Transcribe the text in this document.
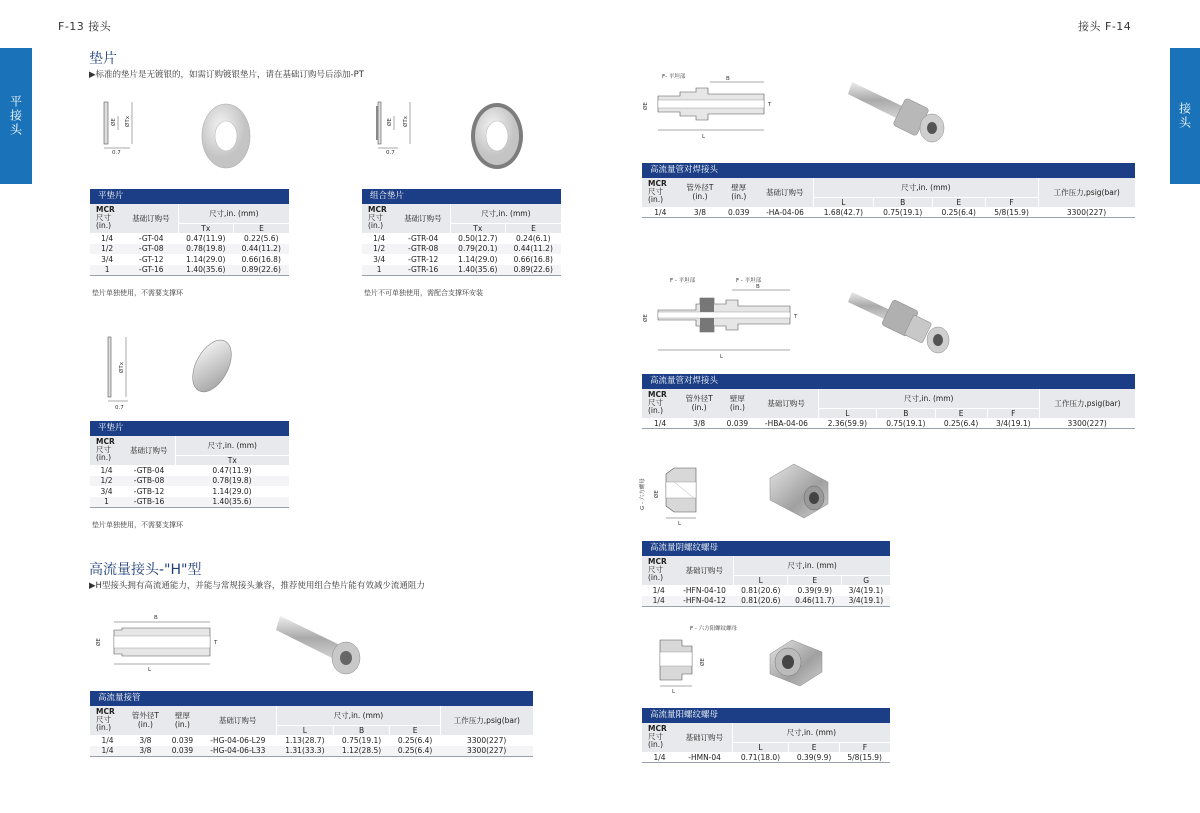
F-13 接头	接头 F-14
平接头	接头
垫片
▶标准的垫片是无镀银的，如需订购镀银垫片，请在基础订购号后添加-PT
ØE ØTx
0.7
ØE ØTx
0.7
平垫片			
MCR
尺寸
(in.)	基础订购号	尺寸,in. (mm)	
		Tx	E
1/4	-GT-04	0.47(11.9)	0.22(5.6)
1/2	-GT-08	0.78(19.8)	0.44(11.2)
3/4	-GT-12	1.14(29.0)	0.66(16.8)
1	-GT-16	1.40(35.6)	0.89(22.6)
垫片单独使用，不需要支撑环
组合垫片			
MCR
尺寸
(in.)	基础订购号	尺寸,in. (mm)	
		Tx	E
1/4	-GTR-04	0.50(12.7)	0.24(6.1)
1/2	-GTR-08	0.79(20.1)	0.44(11.2)
3/4	-GTR-12	1.14(29.0)	0.66(16.8)
1	-GTR-16	1.40(35.6)	0.89(22.6)
垫片不可单独使用，需配合支撑环安装
ØTx
0.7
平垫片		
MCR
尺寸
(in.)	基础订购号	尺寸,in. (mm)
		Tx
1/4	-GTB-04	0.47(11.9)
1/2	-GTB-08	0.78(19.8)
3/4	-GTB-12	1.14(29.0)
1	-GTB-16	1.40(35.6)
垫片单独使用，不需要支撑环
高流量接头-"H"型
▶H型接头拥有高流通能力，并能与常规接头兼容，推荐使用组合垫片能有效减少流通阻力
B
ØE	T
L
高流量接管							
MCR
尺寸
(in.)	管外径T
(in.)	壁厚
(in.)	基础订购号	尺寸,in. (mm)			工作压力,psig(bar)
				L	B	E	
1/4	3/8	0.039	-HG-04-06-L29	1.13(28.7)	0.75(19.1)	0.25(6.4)	3300(227)
1/4	3/8	0.039	-HG-04-06-L33	1.31(33.3)	1.12(28.5)	0.25(6.4)	3300(227)
F- 平坦部	B
ØE	T
L
高流量管对焊接头								
MCR
尺寸
(in.)	管外径T
(in.)	壁厚
(in.)	基础订购号	尺寸,in. (mm)				工作压力,psig(bar)
				L	B	E	F	
1/4	3/8	0.039	-HA-04-06	1.68(42.7)	0.75(19.1)	0.25(6.4)	5/8(15.9)	3300(227)
F - 平坦部	F - 平坦部
B
ØE	T
L
高流量管对焊接头								
MCR
尺寸
(in.)	管外径T
(in.)	壁厚
(in.)	基础订购号	尺寸,in. (mm)				工作压力,psig(bar)
				L	B	E	F	
1/4	3/8	0.039	-HBA-04-06	2.36(59.9)	0.75(19.1)	0.25(6.4)	3/4(19.1)	3300(227)
G - 六方螺母 ØE
L
高流量阴螺纹螺母				
MCR
尺寸
(in.)	基础订购号	尺寸,in. (mm)		
		L	E	G
1/4	-HFN-04-10	0.81(20.6)	0.39(9.9)	3/4(19.1)
1/4	-HFN-04-12	0.81(20.6)	0.46(11.7)	3/4(19.1)
F - 六方阳螺纹螺母
ØE
L
高流量阳螺纹螺母				
MCR
尺寸
(in.)	基础订购号	尺寸,in. (mm)		
		L	E	F
1/4	-HMN-04	0.71(18.0)	0.39(9.9)	5/8(15.9)
